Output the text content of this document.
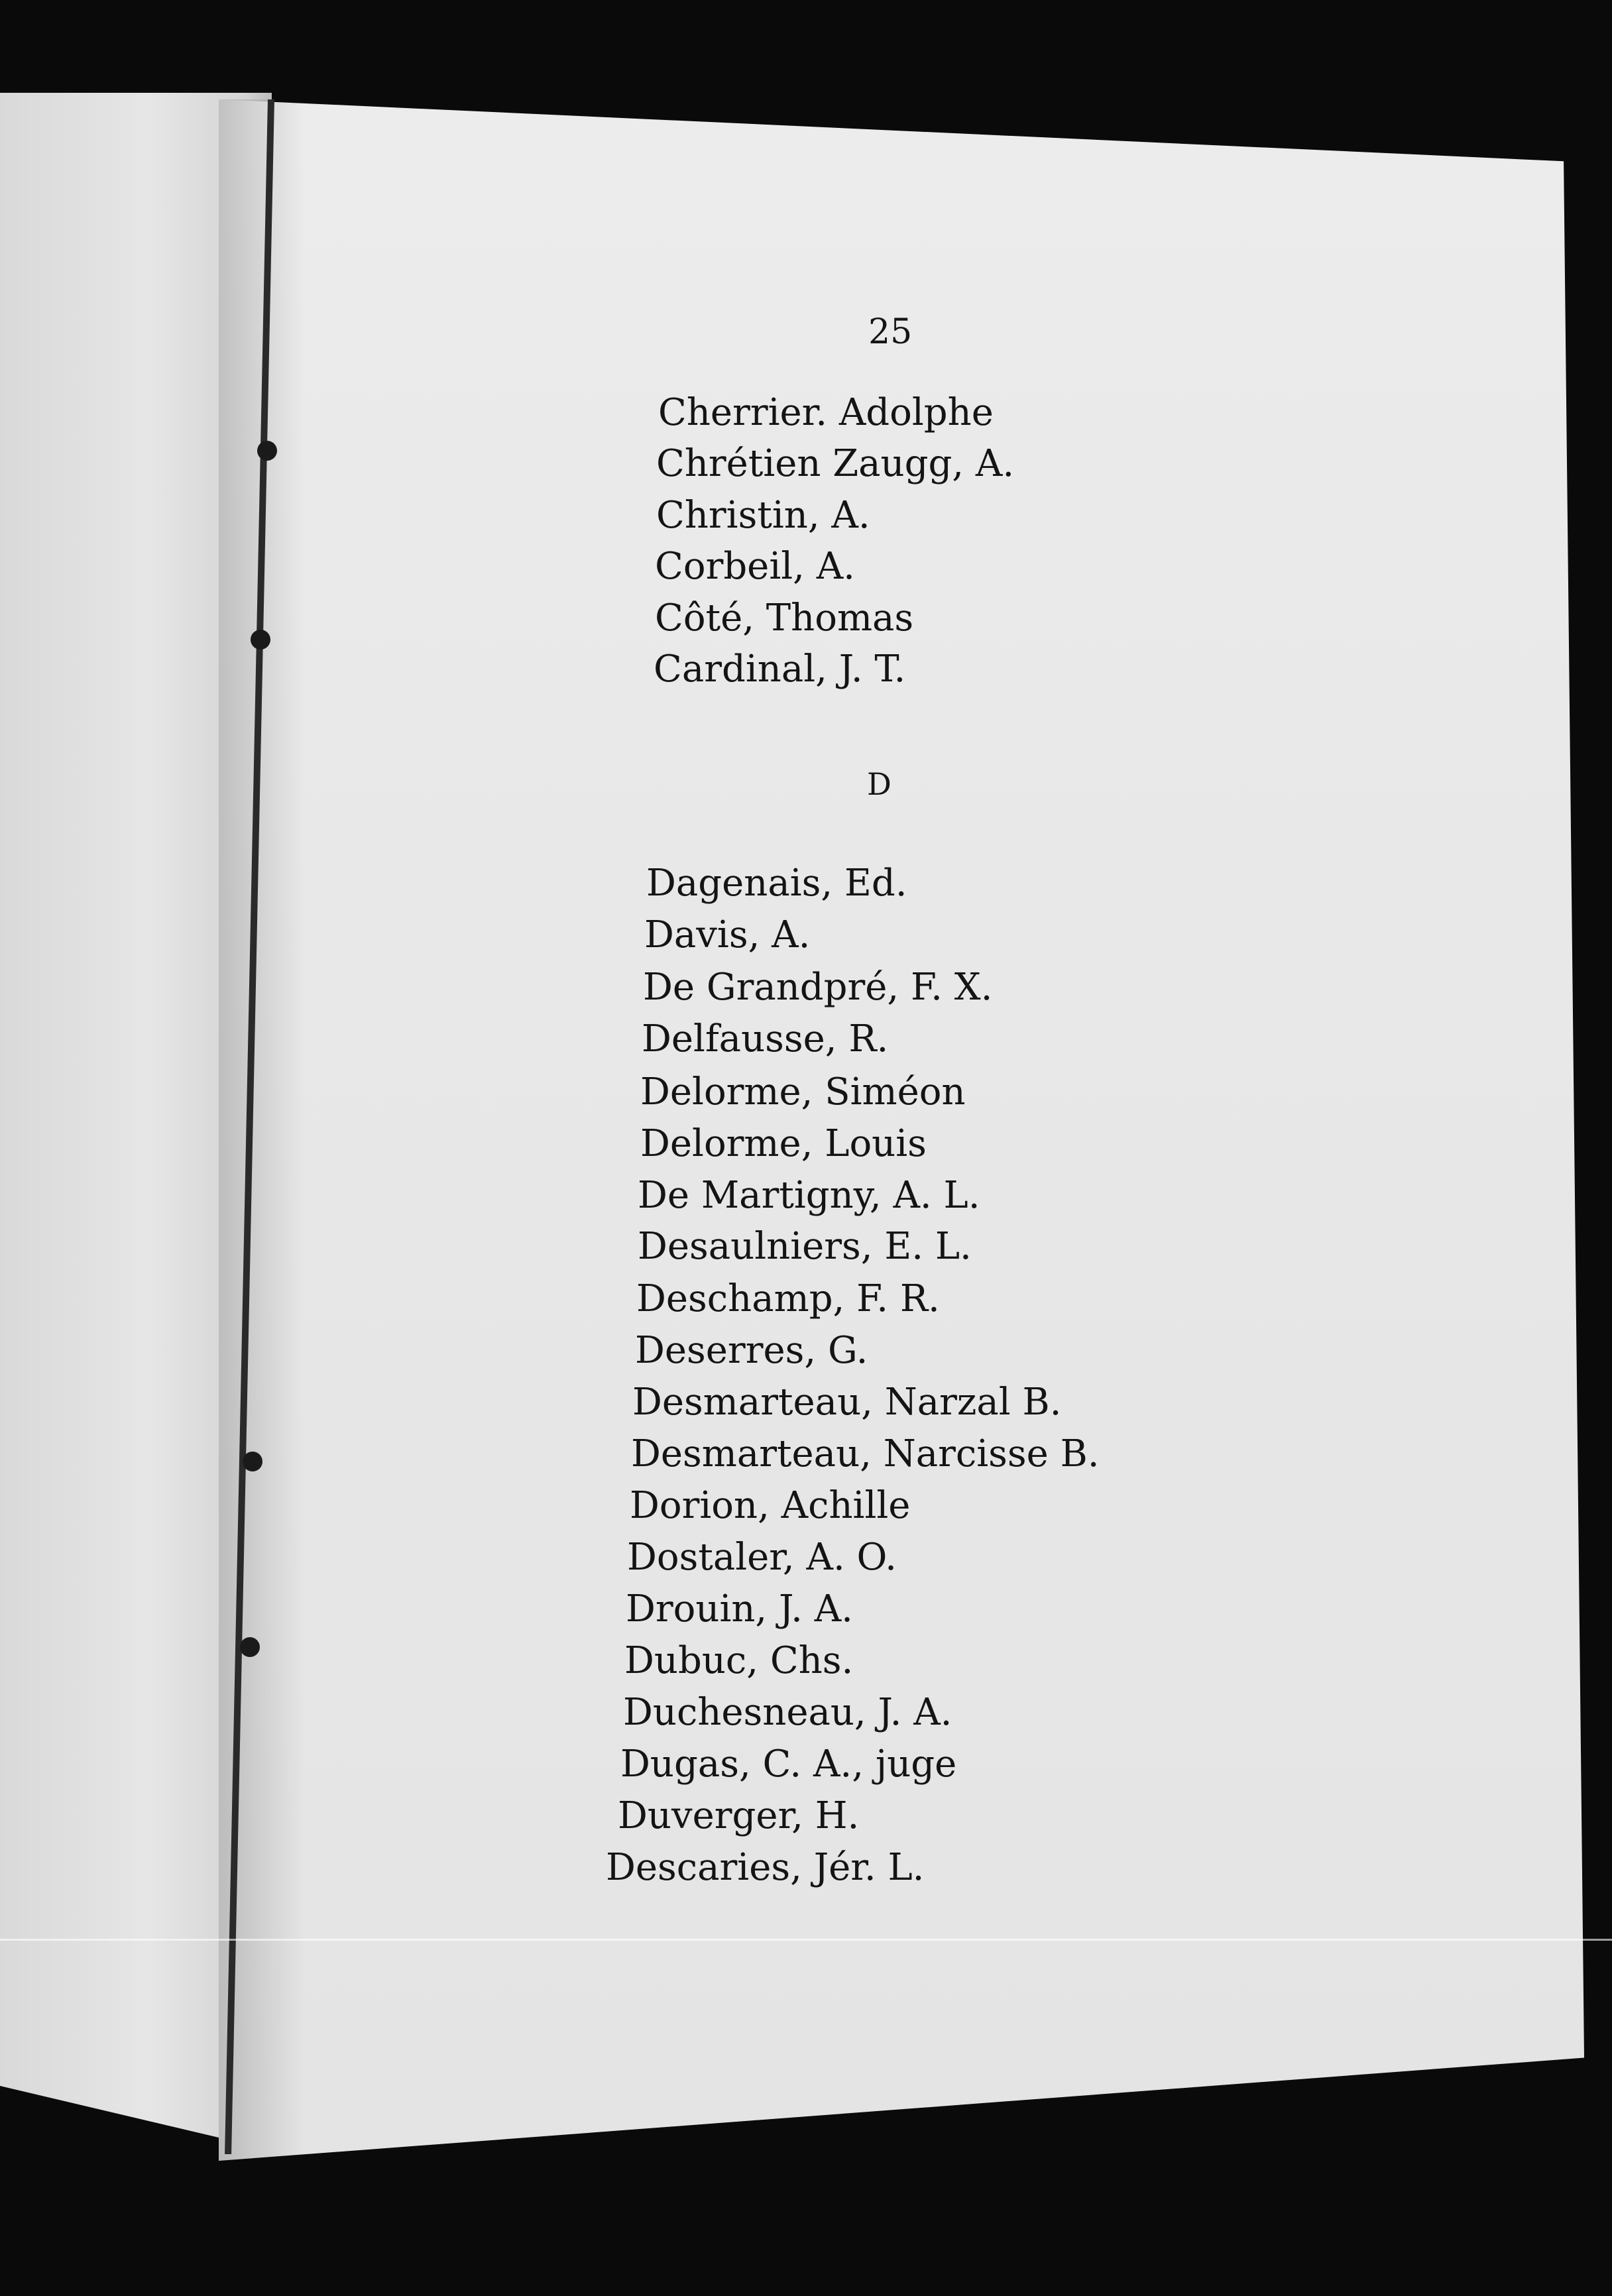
25
Cherrier. Adolphe
Chrétien Zaugg, A.
Christin, A.
Corbeil, A.
Côté, Thomas
Cardinal, J. T.
D
Dagenais, Ed.
Davis, A.
De Grandpré, F. X.
Delfausse, R.
Delorme, Siméon
Delorme, Louis
De Martigny, A. L.
Desaulniers, E. L.
Deschamp, F. R.
Deserres, G.
Desmarteau, Narzal B.
Desmarteau, Narcisse B.
Dorion, Achille
Dostaler, A. O.
Drouin, J. A.
Dubuc, Chs.
Duchesneau, J. A.
Dugas, C. A., juge
Duverger, H.
Descaries, Jér. L.
